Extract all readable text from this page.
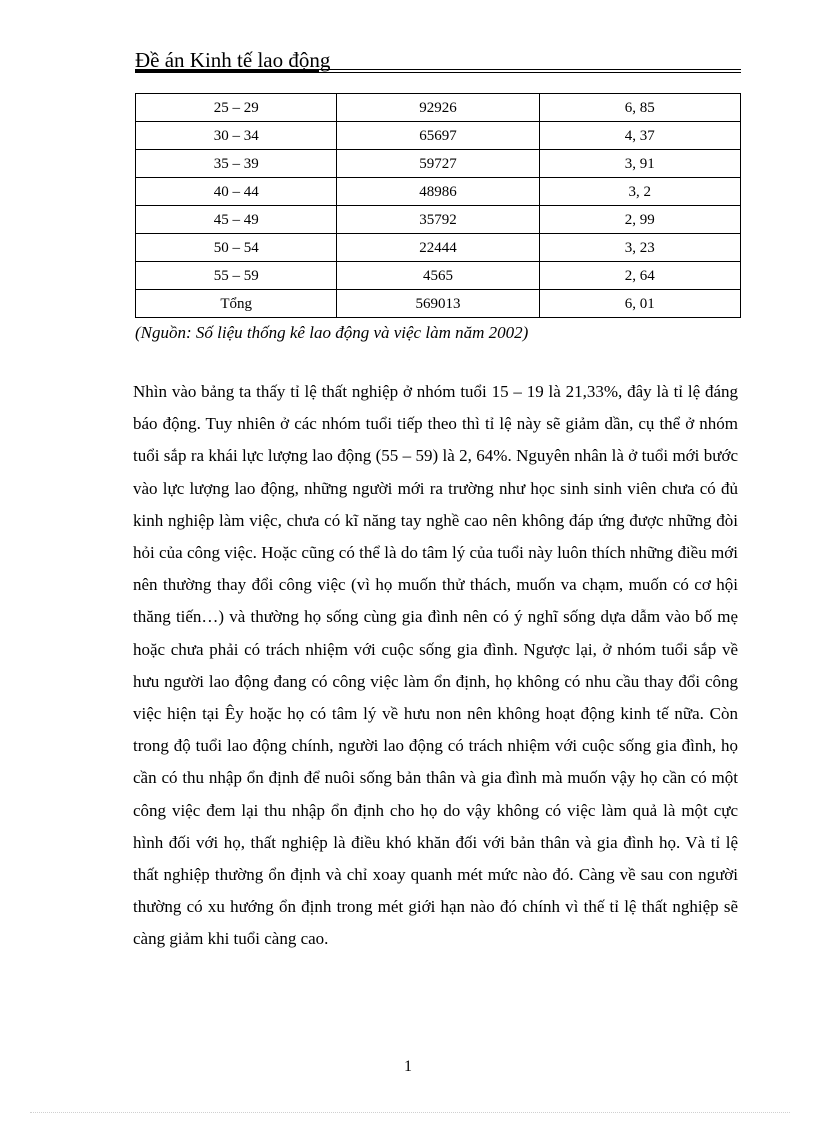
Đề án Kinh tế lao động
25 – 29	92926	6, 85
30 – 34	65697	4, 37
35 – 39	59727	3, 91
40 – 44	48986	3, 2
45 – 49	35792	2, 99
50 – 54	22444	3, 23
55 – 59	4565	2, 64
Tổng	569013	6, 01
(Nguồn: Số liệu thống kê lao động và việc làm năm 2002)
Nhìn vào bảng ta thấy tỉ lệ thất nghiệp ở nhóm tuổi 15 – 19 là 21,33%, đây là tỉ lệ đáng báo động. Tuy nhiên ở các nhóm tuổi tiếp theo thì tỉ lệ này sẽ giảm dần, cụ thể ở nhóm tuổi sắp ra khái lực lượng lao động (55 – 59) là 2, 64%. Nguyên nhân là ở tuổi mới bước vào lực lượng lao động, những người mới ra trường như học sinh sinh viên chưa có đủ kinh nghiệp làm việc, chưa có kĩ năng tay nghề cao nên không đáp ứng được những đòi hỏi của công việc. Hoặc cũng có thể là do tâm lý của tuổi này luôn thích những điều mới nên thường thay đổi công việc (vì họ muốn thử thách, muốn va chạm, muốn có cơ hội thăng tiến…) và thường họ sống cùng gia đình nên có ý nghĩ sống dựa dẫm vào bố mẹ hoặc chưa phải có trách nhiệm với cuộc sống gia đình. Ngược lại, ở nhóm tuổi sắp về hưu người lao động đang có công việc làm ổn định, họ không có nhu cầu thay đổi công việc hiện tại Êy hoặc họ có tâm lý về hưu non nên không hoạt động kinh tế nữa. Còn trong độ tuổi lao động chính, người lao động có trách nhiệm với cuộc sống gia đình, họ cần có thu nhập ổn định để nuôi sống bản thân và gia đình mà muốn vậy họ cần có một công việc đem lại thu nhập ổn định cho họ do vậy không có việc làm quả là một cực hình đối với họ, thất nghiệp là điều khó khăn đối với bản thân và gia đình họ. Và tỉ lệ thất nghiệp thường ổn định và chỉ xoay quanh mét mức nào đó. Càng về sau con người thường có xu hướng ổn định trong mét giới hạn nào đó chính vì thế tỉ lệ thất nghiệp sẽ càng giảm khi tuổi càng cao.
1
